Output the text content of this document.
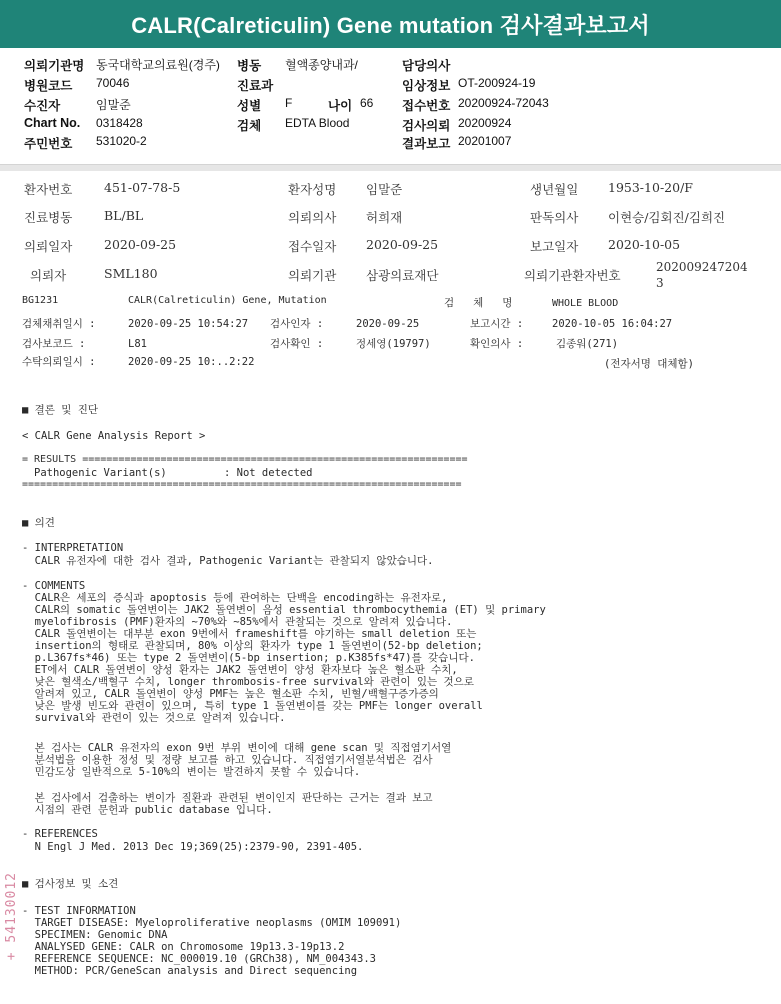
CALR(Calreticulin) Gene mutation 검사결과보고서
의뢰기관명 동국대학교의료원(경주) 병동 혈액종양내과/	담당의사
병원코드 70046	진료과	임상정보 OT-200924-19
수진자	임말준	성별 F	나이 66 접수번호 20200924-72043
Chart No. 0318428	검체 EDTA Blood	검사의뢰 20200924
주민번호 531020-2	결과보고 20201007
환자번호	451-07-78-5	환자성명 임말준	생년월일 1953-10-20/F
진료병동	BL/BL	의뢰의사 허희재	판독의사 이현승/김회진/김희진
의뢰일자	2020-09-25	접수일자 2020-09-25	보고일자 2020-10-05
의뢰자	SML180	의뢰기관 삼광의료재단	의뢰기관환자번호
202009247204
3
BG1231	CALR(Calreticulin) Gene, Mutation	검   체   명	WHOLE BLOOD
검체채취일시 :	2020-09-25 10:54:27 검사인자 :	2020-09-25	보고시간 :	2020-10-05 16:04:27
검사보코드 :	L81	검사확인 :	정세영(19797)	확인의사 :	김종워(271)
수탁의뢰일시 :	2020-09-25 10:..2:22	(전자서명 대체함)
■ 결론 및 진단
< CALR Gene Analysis Report >
= RESULTS ================================================================
Pathogenic Variant(s)	: Not detected
=========================================================================
■ 의견
- INTERPRETATION
CALR 유전자에 대한 검사 결과, Pathogenic Variant는 관찰되지 않았습니다.
- COMMENTS
CALR은 세포의 증식과 apoptosis 등에 관여하는 단백을 encoding하는 유전자로,
CALR의 somatic 돌연변이는 JAK2 돌연변이 음성 essential thrombocythemia (ET) 및 primary
myelofibrosis (PMF)환자의 ~70%와 ~85%에서 관찰되는 것으로 알려져 있습니다.
CALR 돌연변이는 대부분 exon 9번에서 frameshift를 야기하는 small deletion 또는
insertion의 형태로 관찰되며, 80% 이상의 환자가 type 1 돌연변이(52-bp deletion;
p.L367fs*46) 또는 type 2 돌연변이(5-bp insertion; p.K385fs*47)를 갖습니다.
ET에서 CALR 돌연변이 양성 환자는 JAK2 돌연변이 양성 환자보다 높은 혈소판 수치,
낮은 혈색소/백혈구 수치, longer thrombosis-free survival와 관련이 있는 것으로
알려져 있고, CALR 돌연변이 양성 PMF는 높은 혈소판 수치, 빈혈/백혈구증가증의
낮은 발생 빈도와 관련이 있으며, 특히 type 1 돌연변이를 갖는 PMF는 longer overall
survival와 관련이 있는 것으로 알려져 있습니다.
본 검사는 CALR 유전자의 exon 9번 부위 변이에 대해 gene scan 및 직접염기서열
분석법을 이용한 정성 및 정량 보고를 하고 있습니다. 직접염기서열분석법은 검사
민감도상 일반적으로 5-10%의 변이는 발견하지 못할 수 있습니다.
본 검사에서 검출하는 변이가 질환과 관련된 변이인지 판단하는 근거는 결과 보고
시점의 관련 문헌과 public database 입니다.
- REFERENCES
N Engl J Med. 2013 Dec 19;369(25):2379-90, 2391-405.
■ 검사정보 및 소견
- TEST INFORMATION
TARGET DISEASE: Myeloproliferative neoplasms (OMIM 109091)
SPECIMEN: Genomic DNA
ANALYSED GENE: CALR on Chromosome 19p13.3-19p13.2
REFERENCE SEQUENCE: NC_000019.10 (GRCh38), NM_004343.3
METHOD: PCR/GeneScan analysis and Direct sequencing
+ 54130012
